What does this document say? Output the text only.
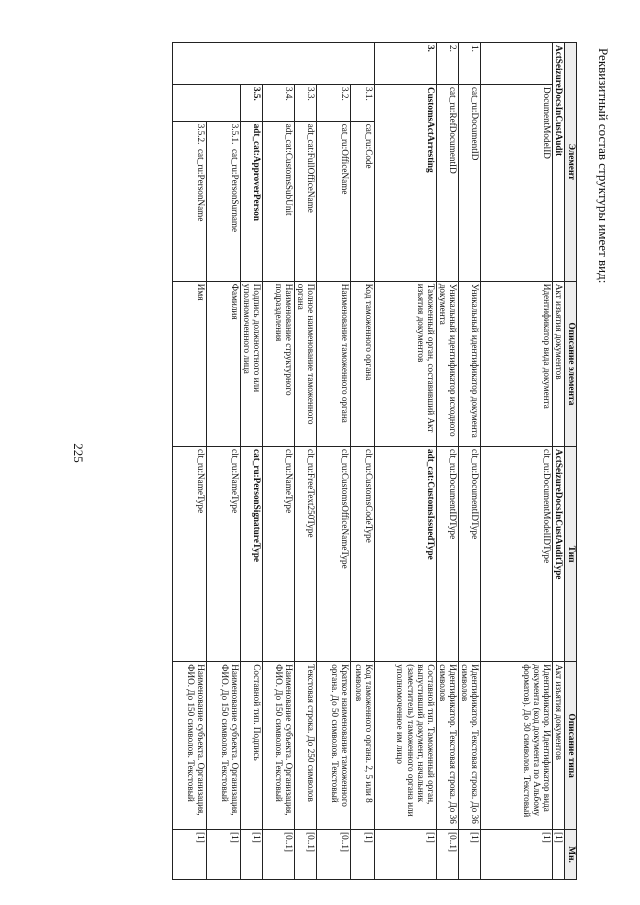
225
Реквизитный состав структуры имеет вид:
Элемент			Описание элемента	Тип	Описание типа	Мн.
ActSeizureDocsInCustAudit			Акт изъятия документов	ActSeizureDocsInCustAuditType	Акт изъятия документов	[1]
	DocumentModelID		Идентификатор вида документа	clt_ru:DocumentModelIDType	Идентификатор. Идентификатор вида документа (код документа по Альбому форматов). До 30 символов. Текстовый	[1]
1.	cat_ru:DocumentID		Уникальный идентификатор документа	clt_ru:DocumentIDType	Идентификатор. Текстовая строка. До 36 символов	[1]
2.	cat_ru:RefDocumentID		Уникальный идентификатор исходного документа	clt_ru:DocumentIDType	Идентификатор. Текстовая строка. До 36 символов	[0..1]
3.	CustomsActArresting		Таможенный орган, составивший Акт изъятия документов	adt_cat:CustomsIssuedType	Составной тип. Таможенный орган, выпустивший документ, начальник (заместитель) таможенного органа или уполномоченное им лицо	[1]
	3.1.	cat_ru:Code	Код таможенного органа	clt_ru:CustomsCodeType	Код таможенного органа. 2, 5 или 8 символов	[1]
	3.2.	cat_ru:OfficeName	Наименование таможенного органа	clt_ru:CustomsOfficeNameType	Краткое наименование таможенного органа. До 50 символов. Текстовый	[0..1]
	3.3.	adt_cat:FullOfficeName	Полное наименование таможенного органа	clt_ru:FreeText250Type	Текстовая строка. До 250 символов	[0..1]
	3.4.	adt_cat:CustomsSubUnit	Наименование структурного подразделения	clt_ru:NameType	Наименование субъекта. Организация, ФИО. До 150 символов. Текстовый	[0..1]
	3.5.	adt_cat:ApproverPerson	Подпись должностного или уполномоченного лица	cat_ru:PersonSignatureType	Составной тип. Подпись	[1]
		3.5.1.  cat_ru:PersonSurname	Фамилия	clt_ru:NameType	Наименование субъекта. Организация, ФИО. До 150 символов. Текстовый	[1]
		3.5.2.  cat_ru:PersonName	Имя	clt_ru:NameType	Наименование субъекта. Организация, ФИО. До 150 символов. Текстовый	[1]
